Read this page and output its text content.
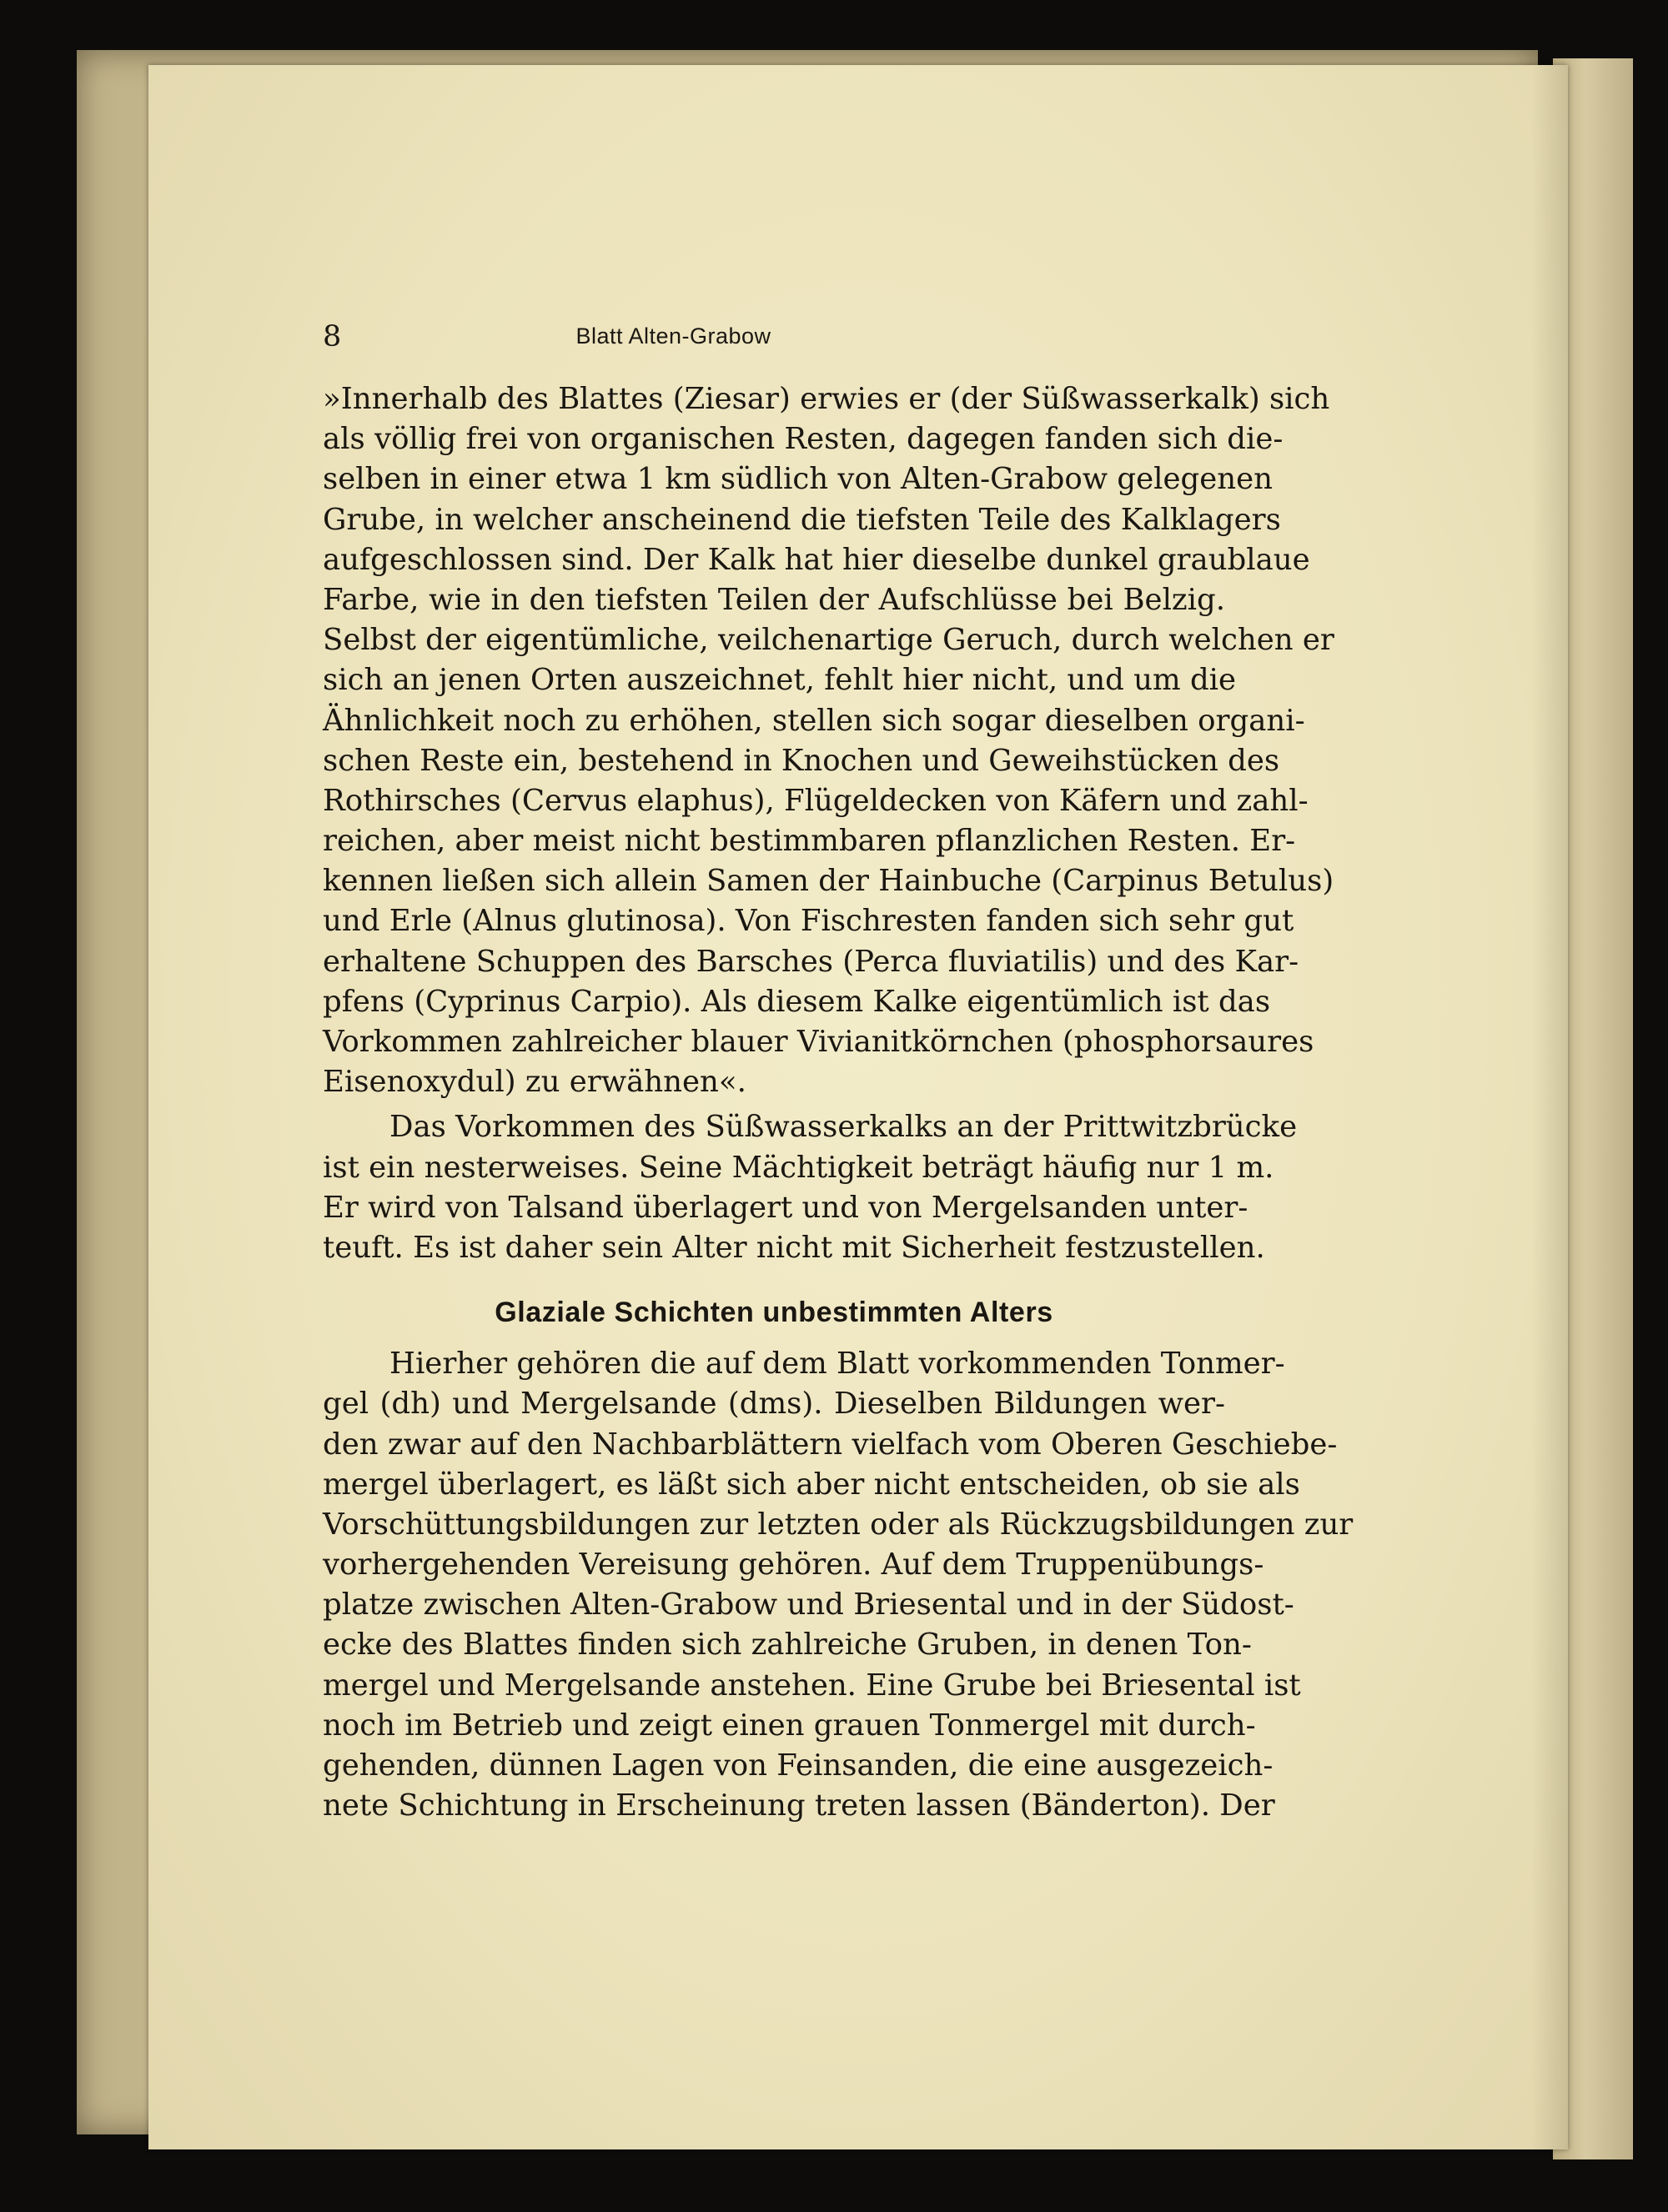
8	Blatt Alten-Grabow
»Innerhalb des Blattes (Ziesar) erwies er (der Süßwasserkalk) sich
als völlig frei von organischen Resten, dagegen fanden sich die-
selben in einer etwa 1 km südlich von Alten-Grabow gelegenen
Grube, in welcher anscheinend die tiefsten Teile des Kalklagers
aufgeschlossen sind. Der Kalk hat hier dieselbe dunkel graublaue
Farbe, wie in den tiefsten Teilen der Aufschlüsse bei Belzig.
Selbst der eigentümliche, veilchenartige Geruch, durch welchen er
sich an jenen Orten auszeichnet, fehlt hier nicht, und um die
Ähnlichkeit noch zu erhöhen, stellen sich sogar dieselben organi-
schen Reste ein, bestehend in Knochen und Geweihstücken des
Rothirsches (Cervus elaphus), Flügeldecken von Käfern und zahl-
reichen, aber meist nicht bestimmbaren pflanzlichen Resten. Er-
kennen ließen sich allein Samen der Hainbuche (Carpinus Betulus)
und Erle (Alnus glutinosa). Von Fischresten fanden sich sehr gut
erhaltene Schuppen des Barsches (Perca fluviatilis) und des Kar-
pfens (Cyprinus Carpio). Als diesem Kalke eigentümlich ist das
Vorkommen zahlreicher blauer Vivianitkörnchen (phosphorsaures
Eisenoxydul) zu erwähnen«.
Das Vorkommen des Süßwasserkalks an der Prittwitzbrücke
ist ein nesterweises. Seine Mächtigkeit beträgt häufig nur 1 m.
Er wird von Talsand überlagert und von Mergelsanden unter-
teuft. Es ist daher sein Alter nicht mit Sicherheit festzustellen.
Glaziale Schichten unbestimmten Alters
Hierher gehören die auf dem Blatt vorkommenden Tonmer-
gel (dh) und Mergelsande (dms). Dieselben Bildungen wer-
den zwar auf den Nachbarblättern vielfach vom Oberen Geschiebe-
mergel überlagert, es läßt sich aber nicht entscheiden, ob sie als
Vorschüttungsbildungen zur letzten oder als Rückzugsbildungen zur
vorhergehenden Vereisung gehören. Auf dem Truppenübungs-
platze zwischen Alten-Grabow und Briesental und in der Südost-
ecke des Blattes finden sich zahlreiche Gruben, in denen Ton-
mergel und Mergelsande anstehen. Eine Grube bei Briesental ist
noch im Betrieb und zeigt einen grauen Tonmergel mit durch-
gehenden, dünnen Lagen von Feinsanden, die eine ausgezeich-
nete Schichtung in Erscheinung treten lassen (Bänderton). Der
